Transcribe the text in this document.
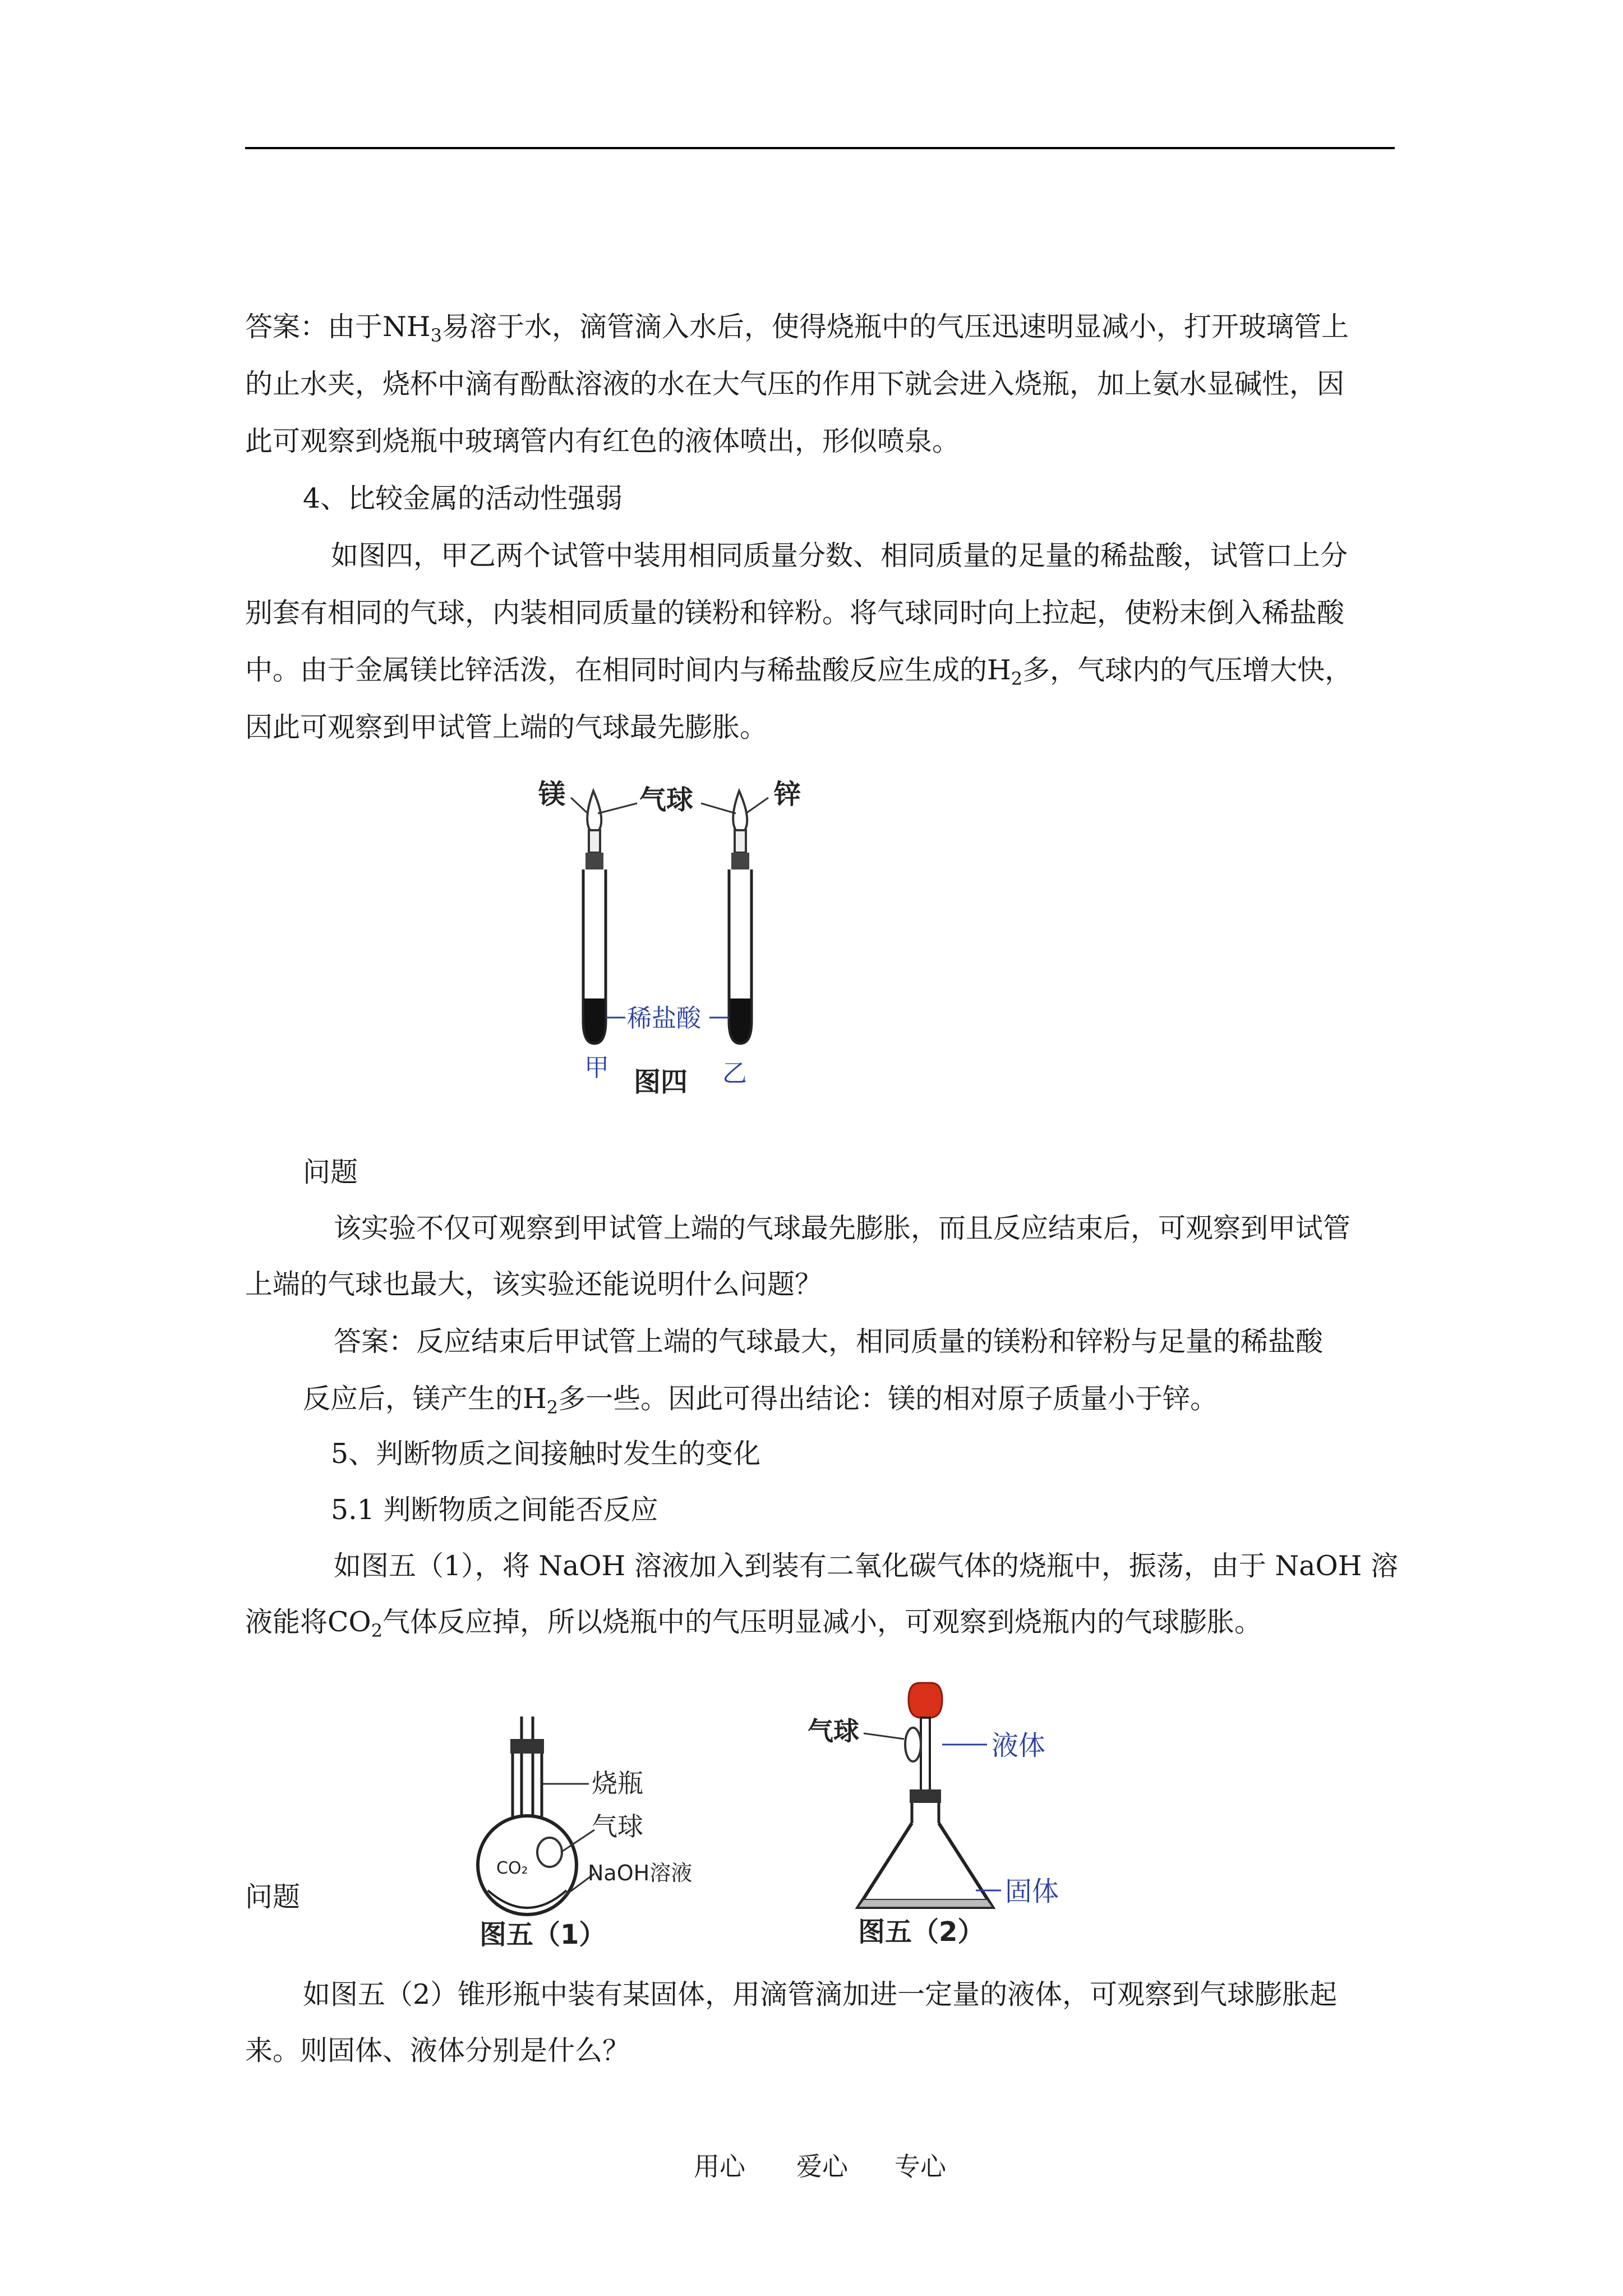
答案：由于$NH_3$易溶于水，滴管滴入水后，使得烧瓶中的气压迅速明显减小，打开玻璃管上
的止水夹，烧杯中滴有酚酞溶液的水在大气压的作用下就会进入烧瓶，加上氨水显碱性，因
此可观察到烧瓶中玻璃管内有红色的液体喷出，形似喷泉。
4、比较金属的活动性强弱
如图四，甲乙两个试管中装用相同质量分数、相同质量的足量的稀盐酸，试管口上分
别套有相同的气球，内装相同质量的镁粉和锌粉。将气球同时向上拉起，使粉末倒入稀盐酸
中。由于金属镁比锌活泼，在相同时间内与稀盐酸反应生成的$H_2$多，气球内的气压增大快，
因此可观察到甲试管上端的气球最先膨胀。
镁	气球	锌
稀盐酸
甲	乙
图四
问题
该实验不仅可观察到甲试管上端的气球最先膨胀，而且反应结束后，可观察到甲试管
上端的气球也最大，该实验还能说明什么问题？
答案：反应结束后甲试管上端的气球最大，相同质量的镁粉和锌粉与足量的稀盐酸
反应后，镁产生的$H_2$多一些。因此可得出结论：镁的相对原子质量小于锌。
5、判断物质之间接触时发生的变化
5.1 判断物质之间能否反应
如图五（1），将 NaOH 溶液加入到装有二氧化碳气体的烧瓶中，振荡，由于 NaOH 溶
液能将$CO_2$气体反应掉，所以烧瓶中的气压明显减小，可观察到烧瓶内的气球膨胀。
问题
CO₂
烧瓶
气球
NaOH溶液
图五（1）
气球	液体
固体
图五（2）
如图五（2）锥形瓶中装有某固体，用滴管滴加进一定量的液体，可观察到气球膨胀起
来。则固体、液体分别是什么？
用心 爱心 专心
